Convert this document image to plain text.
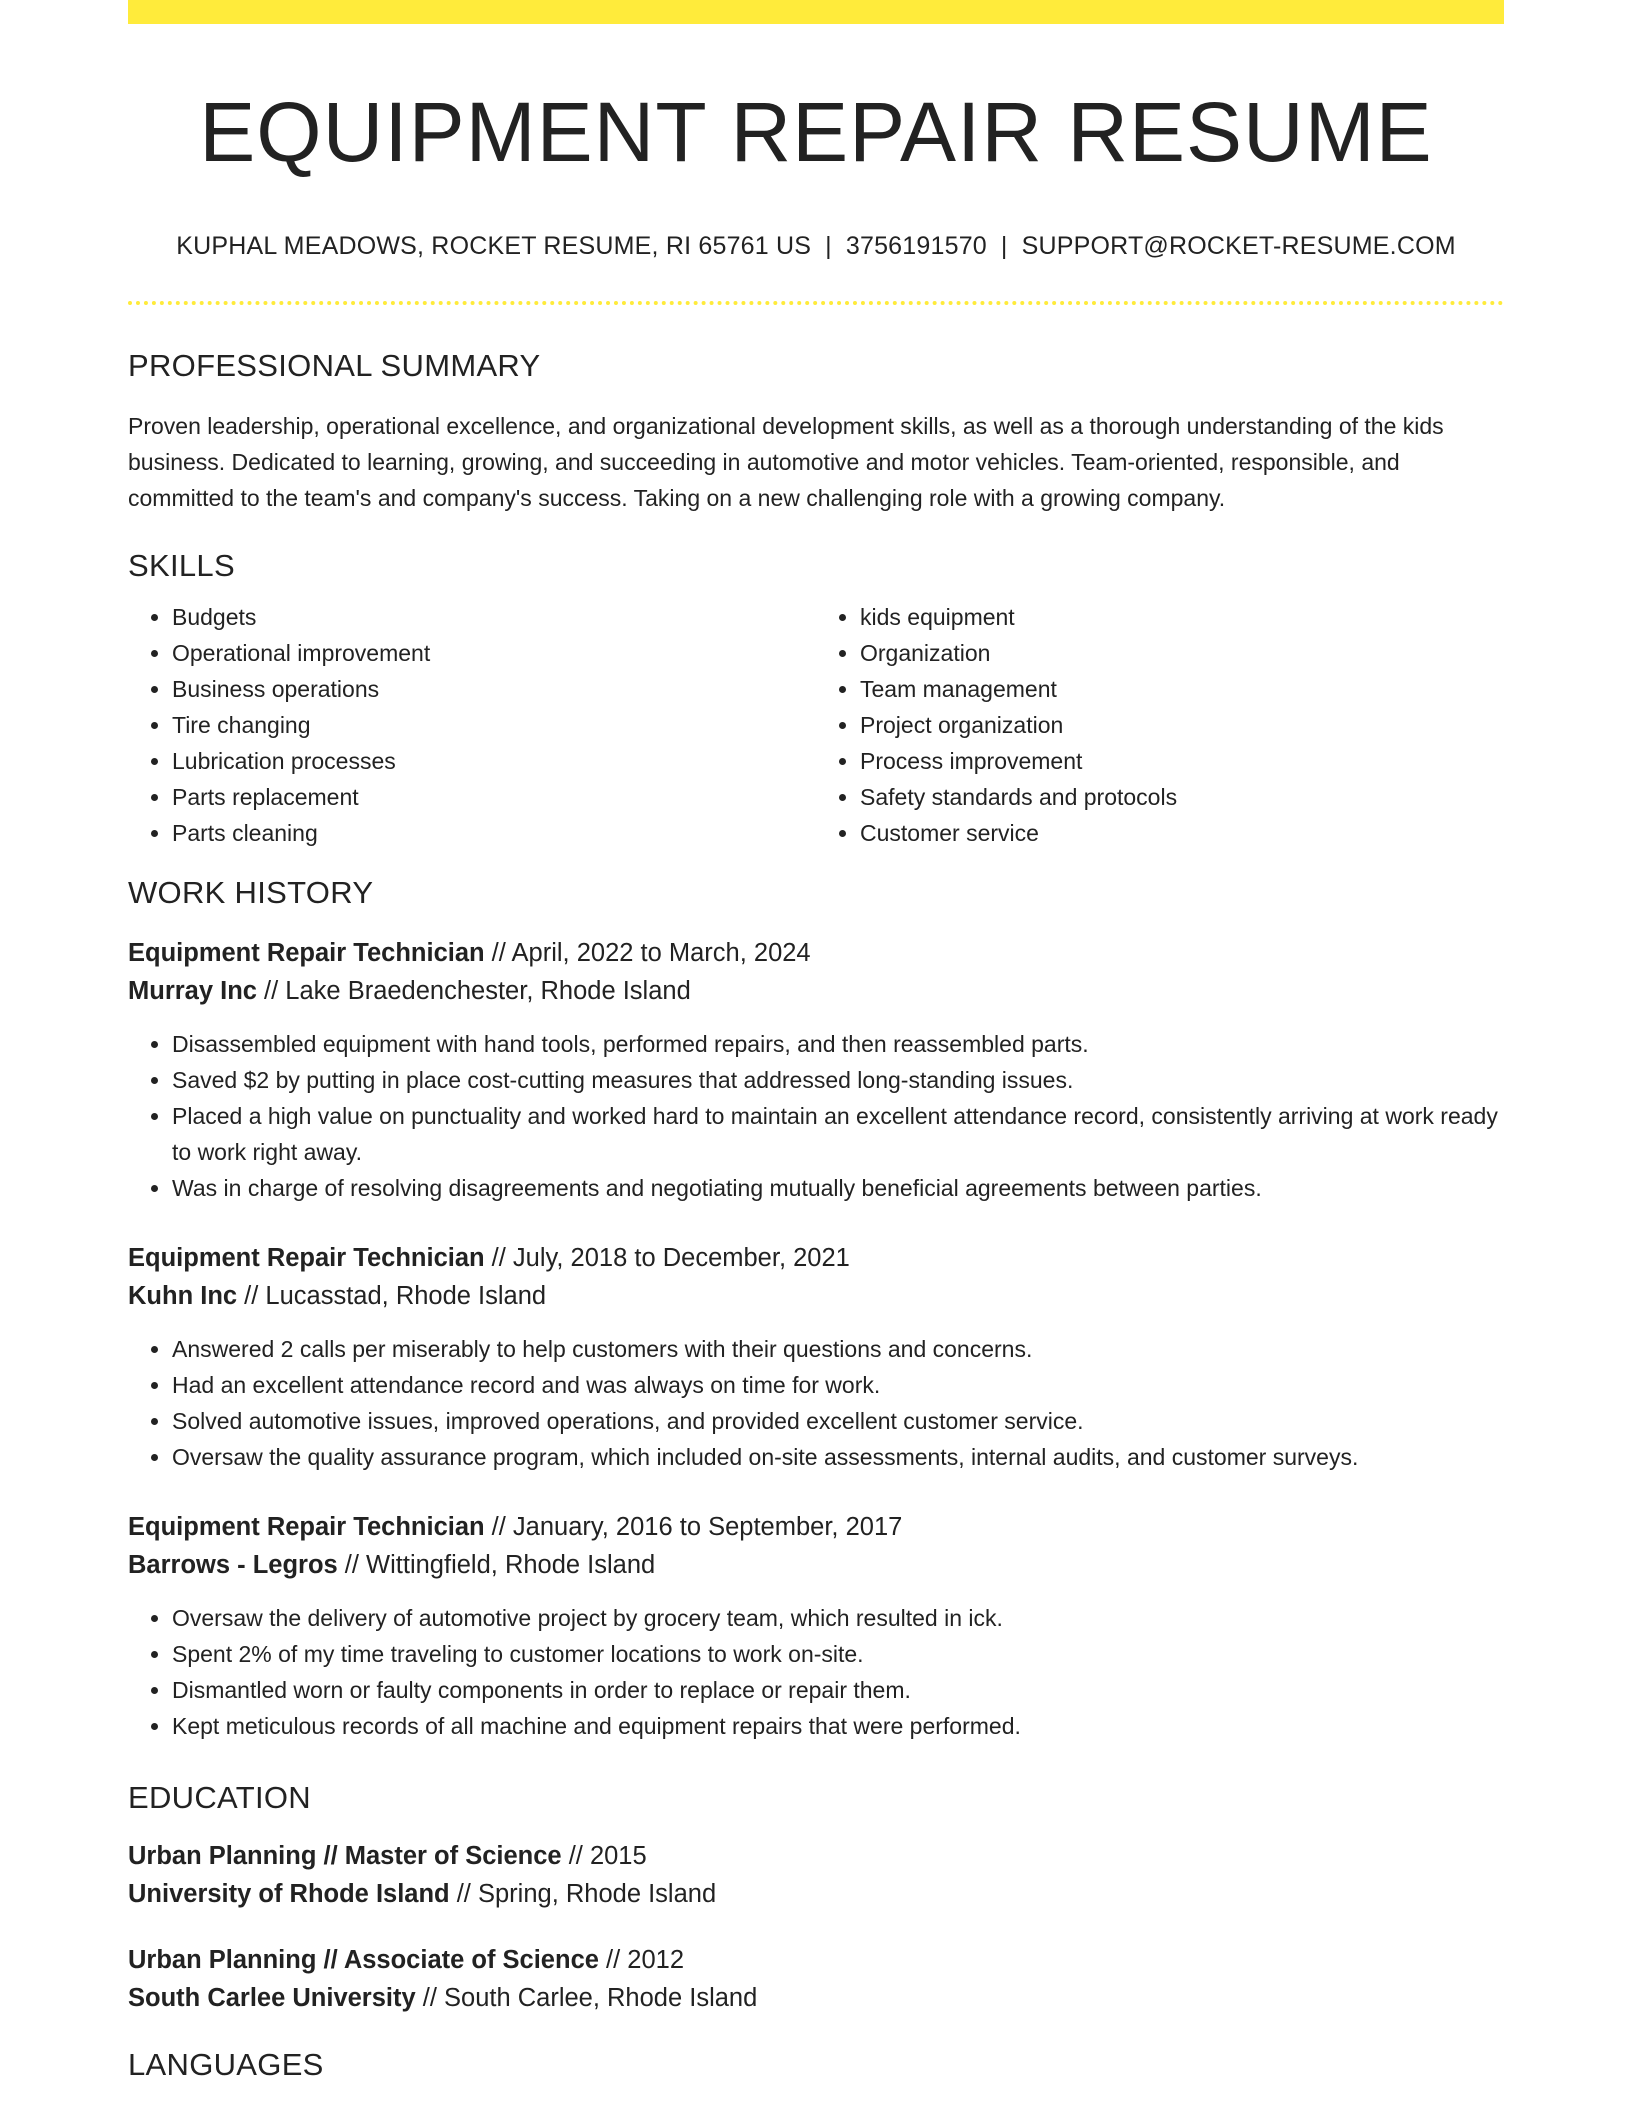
EQUIPMENT REPAIR RESUME
KUPHAL MEADOWS, ROCKET RESUME, RI 65761 US | 3756191570 | SUPPORT@ROCKET-RESUME.COM
PROFESSIONAL SUMMARY

Proven leadership, operational excellence, and organizational development skills, as well as a thorough understanding of the kids business. Dedicated to learning, growing, and succeeding in automotive and motor vehicles. Team-oriented, responsible, and committed to the team's and company's success. Taking on a new challenging role with a growing company.

SKILLS
• Budgets
• Operational improvement
• Business operations
• Tire changing
• Lubrication processes
• Parts replacement
• Parts cleaning
• kids equipment
• Organization
• Team management
• Project organization
• Process improvement
• Safety standards and protocols
• Customer service
WORK HISTORY
Equipment Repair Technician // April, 2022 to March, 2024
Murray Inc // Lake Braedenchester, Rhode Island
• Disassembled equipment with hand tools, performed repairs, and then reassembled parts.
• Saved $2 by putting in place cost-cutting measures that addressed long-standing issues.
• Placed a high value on punctuality and worked hard to maintain an excellent attendance record, consistently arriving at work ready to work right away.
• Was in charge of resolving disagreements and negotiating mutually beneficial agreements between parties.
Equipment Repair Technician // July, 2018 to December, 2021
Kuhn Inc // Lucasstad, Rhode Island
• Answered 2 calls per miserably to help customers with their questions and concerns.
• Had an excellent attendance record and was always on time for work.
• Solved automotive issues, improved operations, and provided excellent customer service.
• Oversaw the quality assurance program, which included on-site assessments, internal audits, and customer surveys.
Equipment Repair Technician // January, 2016 to September, 2017
Barrows - Legros // Wittingfield, Rhode Island
• Oversaw the delivery of automotive project by grocery team, which resulted in ick.
• Spent 2% of my time traveling to customer locations to work on-site.
• Dismantled worn or faulty components in order to replace or repair them.
• Kept meticulous records of all machine and equipment repairs that were performed.
EDUCATION
Urban Planning // Master of Science // 2015
University of Rhode Island // Spring, Rhode Island
Urban Planning // Associate of Science // 2012
South Carlee University // South Carlee, Rhode Island
LANGUAGES
